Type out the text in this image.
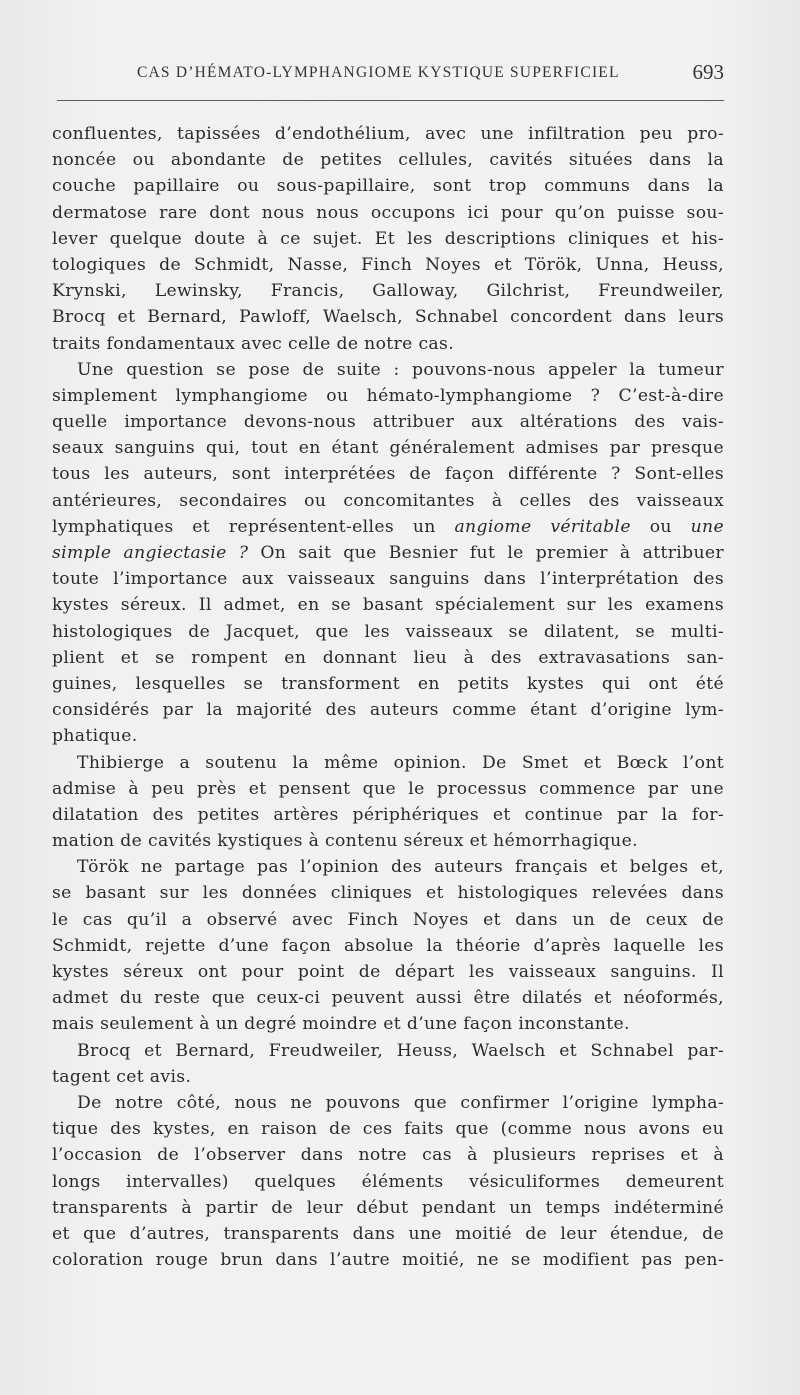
CAS D’HÉMATO-LYMPHANGIOME KYSTIQUE SUPERFICIEL	693
confluentes, tapissées d’endothélium, avec une infiltration peu pro-
noncée ou abondante de petites cellules, cavités situées dans la
couche papillaire ou sous-papillaire, sont trop communs dans la
dermatose rare dont nous nous occupons ici pour qu’on puisse sou-
lever quelque doute à ce sujet. Et les descriptions cliniques et his-
tologiques de Schmidt, Nasse, Finch Noyes et Török, Unna, Heuss,
Krynski, Lewinsky, Francis, Galloway, Gilchrist, Freundweiler,
Brocq et Bernard, Pawloff, Waelsch, Schnabel concordent dans leurs
traits fondamentaux avec celle de notre cas.
Une question se pose de suite : pouvons-nous appeler la tumeur
simplement lymphangiome ou hémato-lymphangiome ? C’est-à-dire
quelle importance devons-nous attribuer aux altérations des vais-
seaux sanguins qui, tout en étant généralement admises par presque
tous les auteurs, sont interprétées de façon différente ? Sont-elles
antérieures, secondaires ou concomitantes à celles des vaisseaux
lymphatiques et représentent-elles un angiome véritable ou une
simple angiectasie ? On sait que Besnier fut le premier à attribuer
toute l’importance aux vaisseaux sanguins dans l’interprétation des
kystes séreux. Il admet, en se basant spécialement sur les examens
histologiques de Jacquet, que les vaisseaux se dilatent, se multi-
plient et se rompent en donnant lieu à des extravasations san-
guines, lesquelles se transforment en petits kystes qui ont été
considérés par la majorité des auteurs comme étant d’origine lym-
phatique.
Thibierge a soutenu la même opinion. De Smet et Bœck l’ont
admise à peu près et pensent que le processus commence par une
dilatation des petites artères périphériques et continue par la for-
mation de cavités kystiques à contenu séreux et hémorrhagique.
Török ne partage pas l’opinion des auteurs français et belges et,
se basant sur les données cliniques et histologiques relevées dans
le cas qu’il a observé avec Finch Noyes et dans un de ceux de
Schmidt, rejette d’une façon absolue la théorie d’après laquelle les
kystes séreux ont pour point de départ les vaisseaux sanguins. Il
admet du reste que ceux-ci peuvent aussi être dilatés et néoformés,
mais seulement à un degré moindre et d’une façon inconstante.
Brocq et Bernard, Freudweiler, Heuss, Waelsch et Schnabel par-
tagent cet avis.
De notre côté, nous ne pouvons que confirmer l’origine lympha-
tique des kystes, en raison de ces faits que (comme nous avons eu
l’occasion de l’observer dans notre cas à plusieurs reprises et à
longs intervalles) quelques éléments vésiculiformes demeurent
transparents à partir de leur début pendant un temps indéterminé
et que d’autres, transparents dans une moitié de leur étendue, de
coloration rouge brun dans l’autre moitié, ne se modifient pas pen-
